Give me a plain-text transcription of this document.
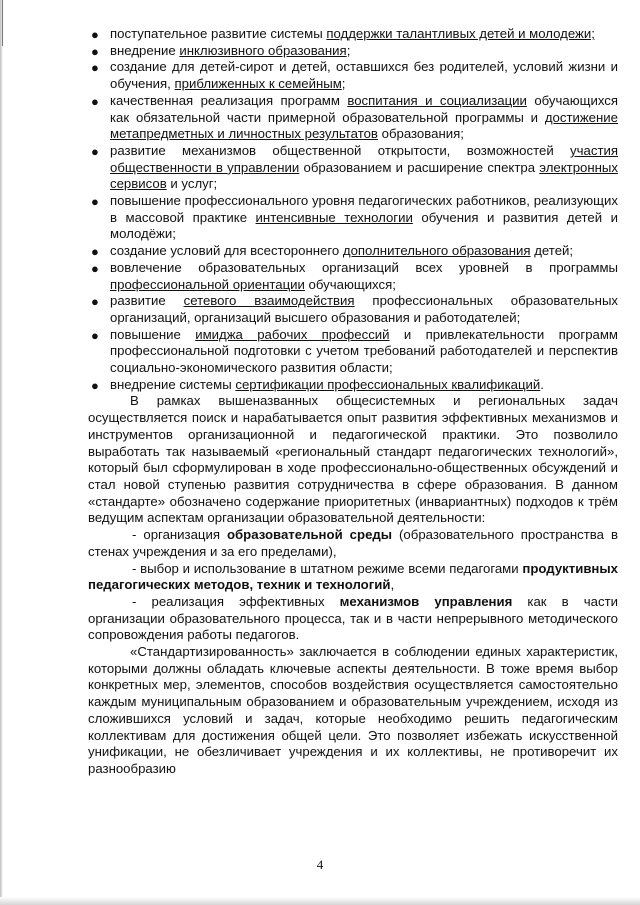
● поступательное развитие системы поддержки талантливых детей и молодежи;
● внедрение инклюзивного образования;
● создание для детей-сирот и детей, оставшихся без родителей, условий жизни и обучения, приближенных к семейным;
● качественная реализация программ воспитания и социализации обучающихся как обязательной части примерной образовательной программы и достижение метапредметных и личностных результатов образования;
● развитие механизмов общественной открытости, возможностей участия общественности в управлении образованием и расширение спектра электронных сервисов и услуг;
● повышение профессионального уровня педагогических работников, реализующих в массовой практике интенсивные технологии обучения и развития детей и молодёжи;
● создание условий для всестороннего дополнительного образования детей;
● вовлечение образовательных организаций всех уровней в программы профессиональной ориентации обучающихся;
● развитие сетевого взаимодействия профессиональных образовательных организаций, организаций высшего образования и работодателей;
● повышение имиджа рабочих профессий и привлекательности программ профессиональной подготовки с учетом требований работодателей и перспектив социально-экономического развития области;
● внедрение системы сертификации профессиональных квалификаций.

В рамках вышеназванных общесистемных и региональных задач осуществляется поиск и нарабатывается опыт развития эффективных механизмов и инструментов организационной и педагогической практики. Это позволило выработать так называемый «региональный стандарт педагогических технологий», который был сформулирован в ходе профессионально-общественных обсуждений и стал новой ступенью развития сотрудничества в сфере образования. В данном «стандарте» обозначено содержание приоритетных (инвариантных) подходов к трём ведущим аспектам организации образовательной деятельности:

- организация образовательной среды (образовательного пространства в стенах учреждения и за его пределами),

- выбор и использование в штатном режиме всеми педагогами продуктивных педагогических методов, техник и технологий,

- реализация эффективных механизмов управления как в части организации образовательного процесса, так и в части непрерывного методического сопровождения работы педагогов.

«Стандартизированность» заключается в соблюдении единых характеристик, которыми должны обладать ключевые аспекты деятельности. В тоже время выбор конкретных мер, элементов, способов воздействия осуществляется самостоятельно каждым муниципальным образованием и образовательным учреждением, исходя из сложившихся условий и задач, которые необходимо решить педагогическим коллективам для достижения общей цели. Это позволяет избежать искусственной унификации, не обезличивает учреждения и их коллективы, не противоречит их разнообразию

4
